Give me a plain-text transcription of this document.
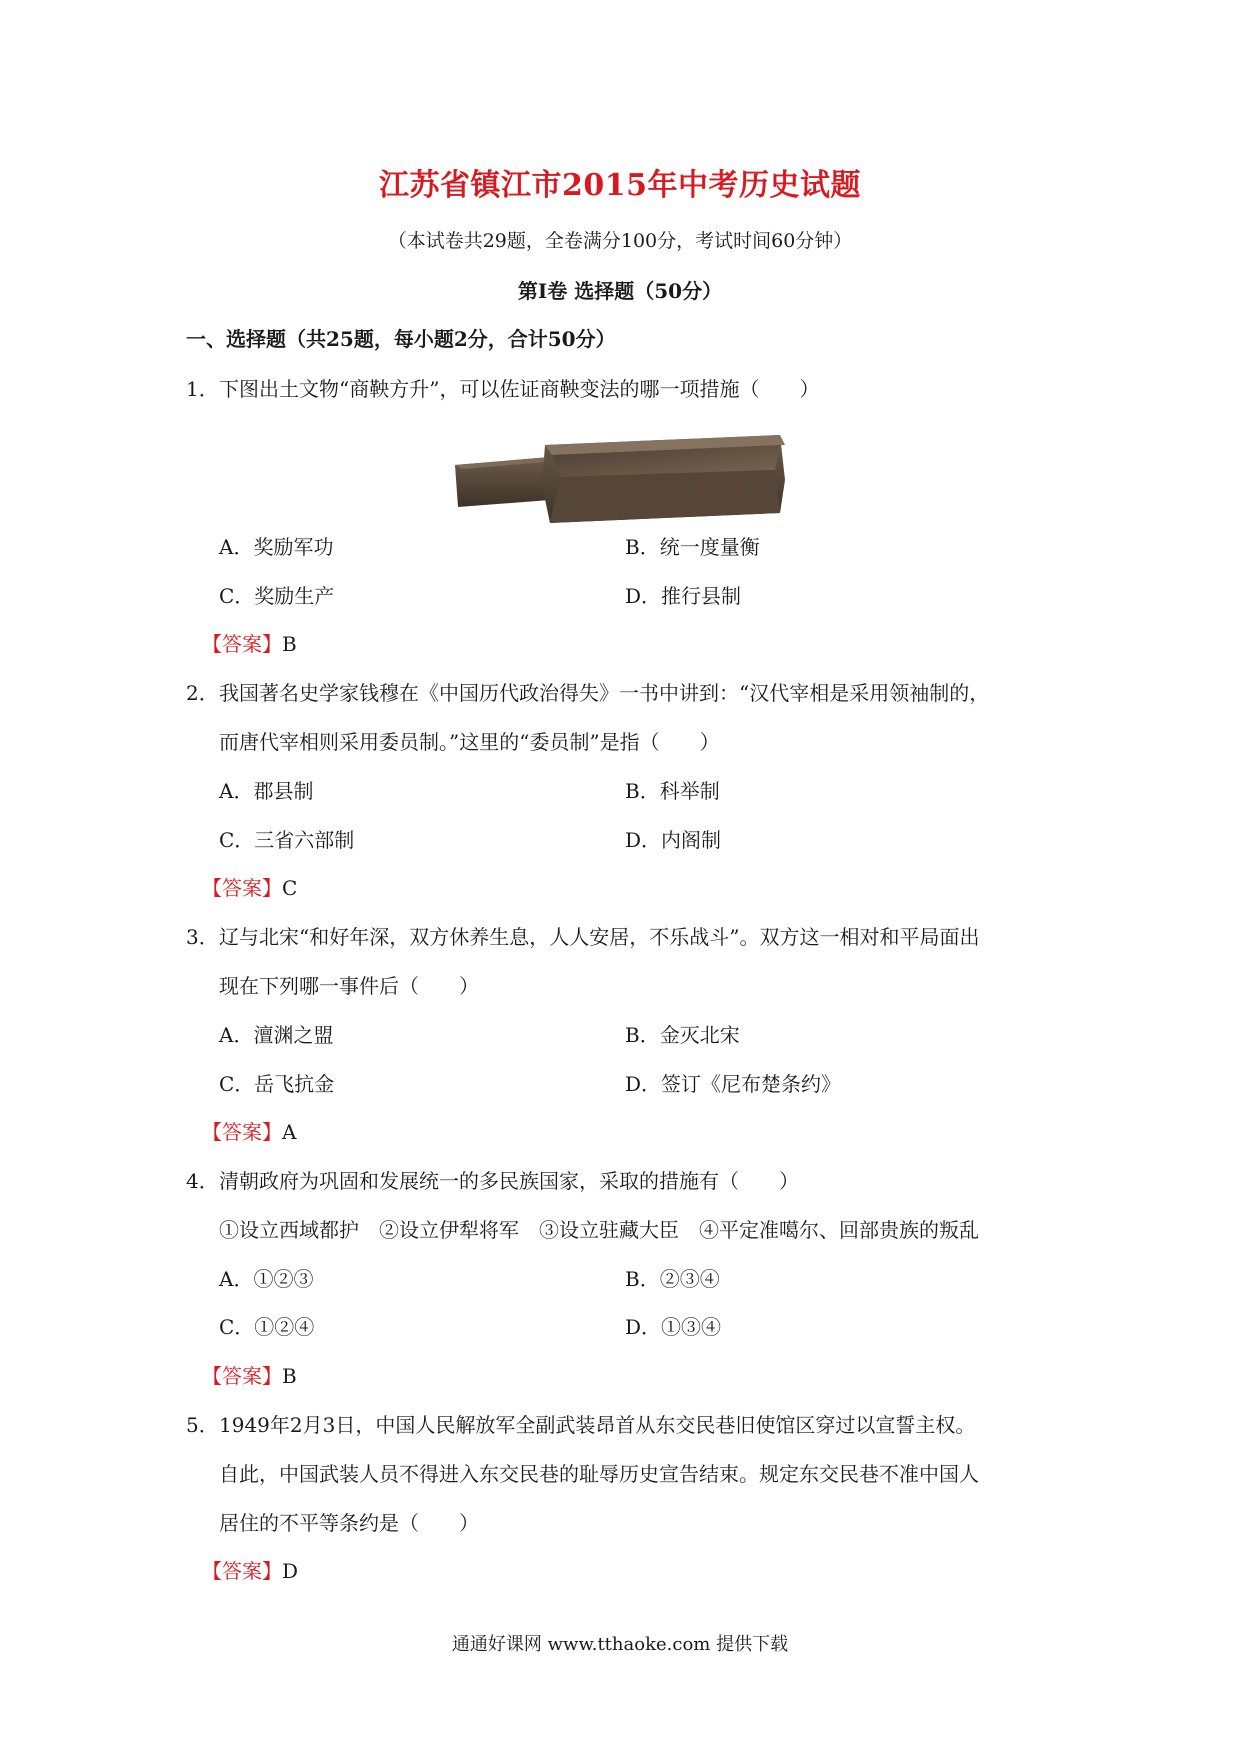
江苏省镇江市2015年中考历史试题
（本试卷共29题，全卷满分100分，考试时间60分钟）
第Ⅰ卷 选择题（50分）
一、选择题（共25题，每小题2分，合计50分）
1． 下图出土文物“商鞅方升”，可以佐证商鞅变法的哪一项措施（　　）
A．奖励军功	B．统一度量衡
C．奖励生产	D．推行县制
【答案】B
2． 我国著名史学家钱穆在《中国历代政治得失》一书中讲到：“汉代宰相是采用领袖制的，
而唐代宰相则采用委员制。”这里的“委员制”是指（　　）
A．郡县制	B．科举制
C．三省六部制	D．内阁制
【答案】C
3． 辽与北宋“和好年深，双方休养生息，人人安居，不乐战斗”。双方这一相对和平局面出
现在下列哪一事件后（　　）
A．澶渊之盟	B．金灭北宋
C．岳飞抗金	D．签订《尼布楚条约》
【答案】A
4． 清朝政府为巩固和发展统一的多民族国家，采取的措施有（　　）
①设立西域都护　②设立伊犁将军　③设立驻藏大臣　④平定准噶尔、回部贵族的叛乱
A．①②③	B．②③④
C．①②④	D．①③④
【答案】B
5． 1949年2月3日，中国人民解放军全副武装昂首从东交民巷旧使馆区穿过以宣誓主权。
自此，中国武装人员不得进入东交民巷的耻辱历史宣告结束。规定东交民巷不准中国人
居住的不平等条约是（　　）
【答案】D
通通好课网 www.tthaoke.com 提供下载
